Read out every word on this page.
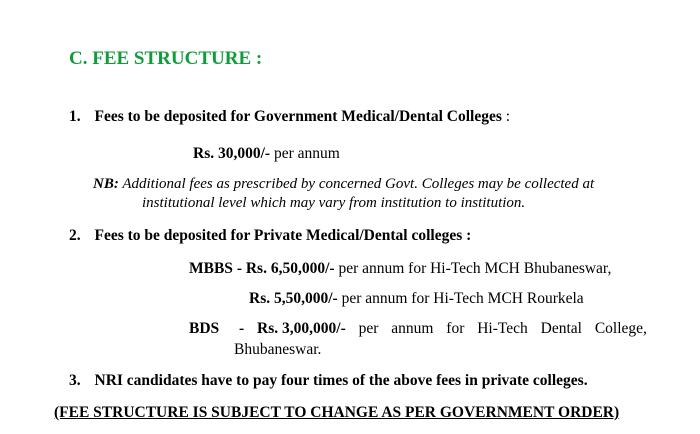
C. FEE STRUCTURE :
1. Fees to be deposited for Government Medical/Dental Colleges :
Rs. 30,000/- per annum
NB: Additional fees as prescribed by concerned Govt. Colleges may be collected at
institutional level which may vary from institution to institution.
2. Fees to be deposited for Private Medical/Dental colleges :
MBBS - Rs. 6,50,000/- per annum for Hi-Tech MCH Bhubaneswar,
Rs. 5,50,000/- per annum for Hi-Tech MCH Rourkela
BDS - Rs. 3,00,000/- per annum for Hi-Tech Dental College,
Bhubaneswar.
3. NRI candidates have to pay four times of the above fees in private colleges.
(FEE STRUCTURE IS SUBJECT TO CHANGE AS PER GOVERNMENT ORDER)
